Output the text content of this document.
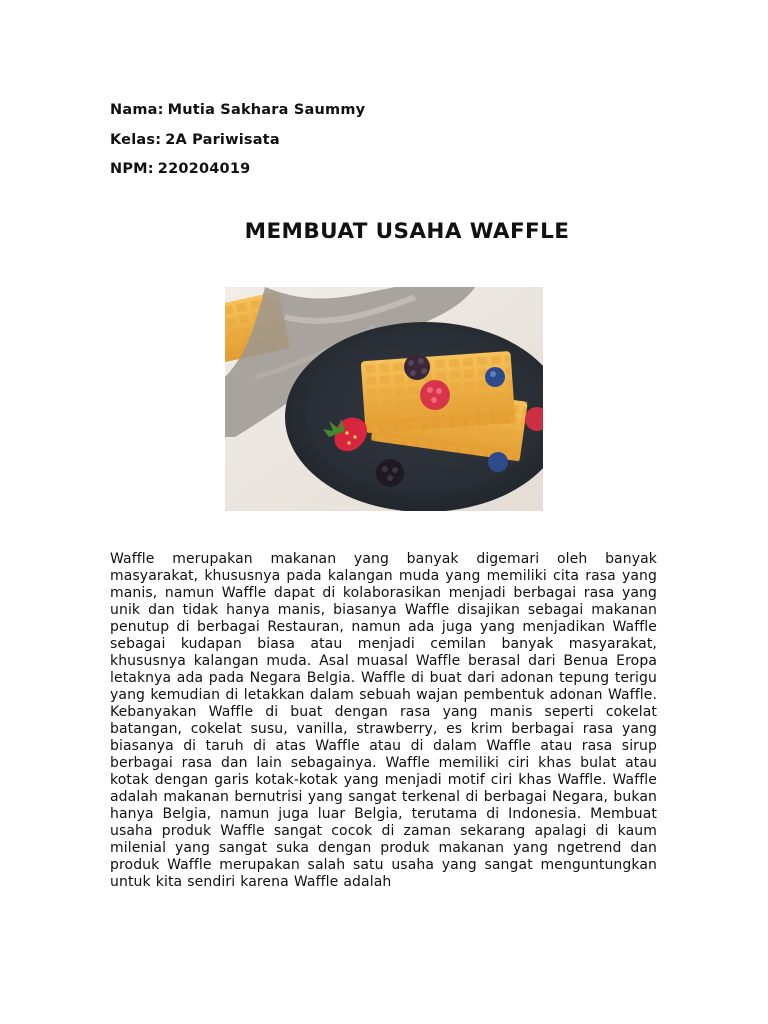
Nama: Mutia Sakhara Saummy
Kelas: 2A Pariwisata
NPM: 220204019
MEMBUAT USAHA WAFFLE

Waffle merupakan makanan yang banyak digemari oleh banyak masyarakat, khususnya pada kalangan muda yang memiliki cita rasa yang manis, namun Waffle dapat di kolaborasikan menjadi berbagai rasa yang unik dan tidak hanya manis, biasanya Waffle disajikan sebagai makanan penutup di berbagai Restauran, namun ada juga yang menjadikan Waffle sebagai kudapan biasa atau menjadi cemilan banyak masyarakat, khususnya kalangan muda. Asal muasal Waffle berasal dari Benua Eropa letaknya ada pada Negara Belgia. Waffle di buat dari adonan tepung terigu yang kemudian di letakkan dalam sebuah wajan pembentuk adonan Waffle. Kebanyakan Waffle di buat dengan rasa yang manis seperti cokelat batangan, cokelat susu, vanilla, strawberry, es krim berbagai rasa yang biasanya di taruh di atas Waffle atau di dalam Waffle atau rasa sirup berbagai rasa dan lain sebagainya. Waffle memiliki ciri khas bulat atau kotak dengan garis kotak-kotak yang menjadi motif ciri khas Waffle. Waffle adalah makanan bernutrisi yang sangat terkenal di berbagai Negara, bukan hanya Belgia, namun juga luar Belgia, terutama di Indonesia. Membuat usaha produk Waffle sangat cocok di zaman sekarang apalagi di kaum milenial yang sangat suka dengan produk makanan yang ngetrend dan produk Waffle merupakan salah satu usaha yang sangat menguntungkan untuk kita sendiri karena Waffle adalah
